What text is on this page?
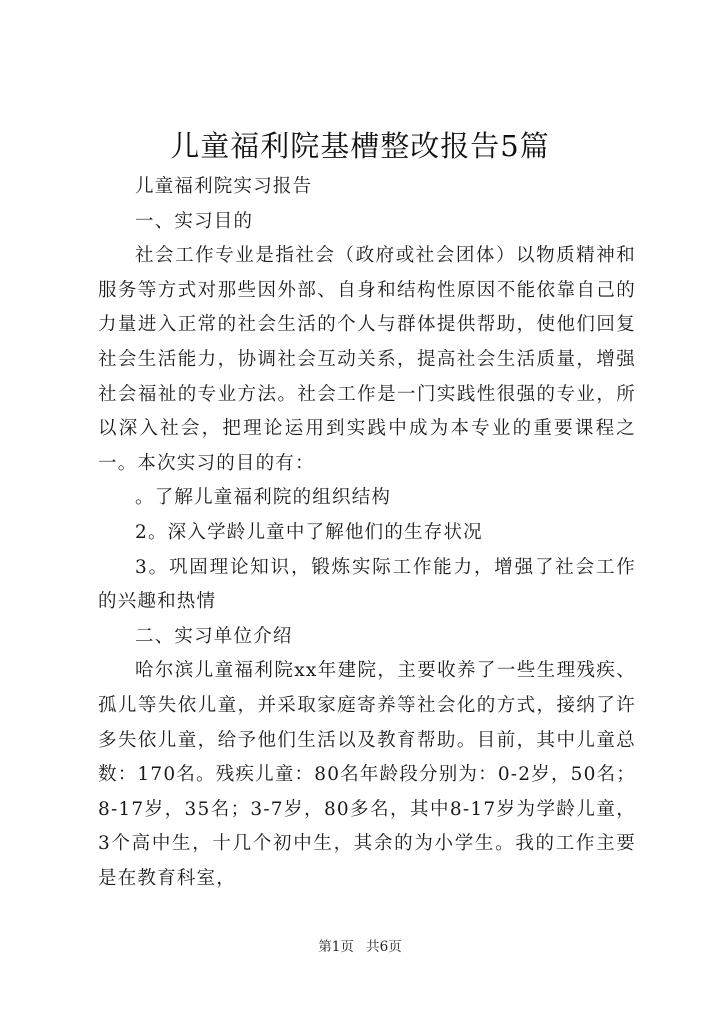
儿童福利院基槽整改报告5篇

儿童福利院实习报告

一、实习目的

社会工作专业是指社会（政府或社会团体）以物质精神和服务等方式对那些因外部、自身和结构性原因不能依靠自己的力量进入正常的社会生活的个人与群体提供帮助，使他们回复社会生活能力，协调社会互动关系，提高社会生活质量，增强社会福祉的专业方法。社会工作是一门实践性很强的专业，所以深入社会，把理论运用到实践中成为本专业的重要课程之一。本次实习的目的有：

。了解儿童福利院的组织结构

2。深入学龄儿童中了解他们的生存状况

3。巩固理论知识，锻炼实际工作能力，增强了社会工作的兴趣和热情

二、实习单位介绍

哈尔滨儿童福利院xx年建院，主要收养了一些生理残疾、孤儿等失依儿童，并采取家庭寄养等社会化的方式，接纳了许多失依儿童，给予他们生活以及教育帮助。目前，其中儿童总数：170名。残疾儿童：80名年龄段分别为：0-2岁，50名；8-17岁，35名；3-7岁，80多名，其中8-17岁为学龄儿童，3个高中生，十几个初中生，其余的为小学生。我的工作主要是在教育科室，

第1页 共6页
